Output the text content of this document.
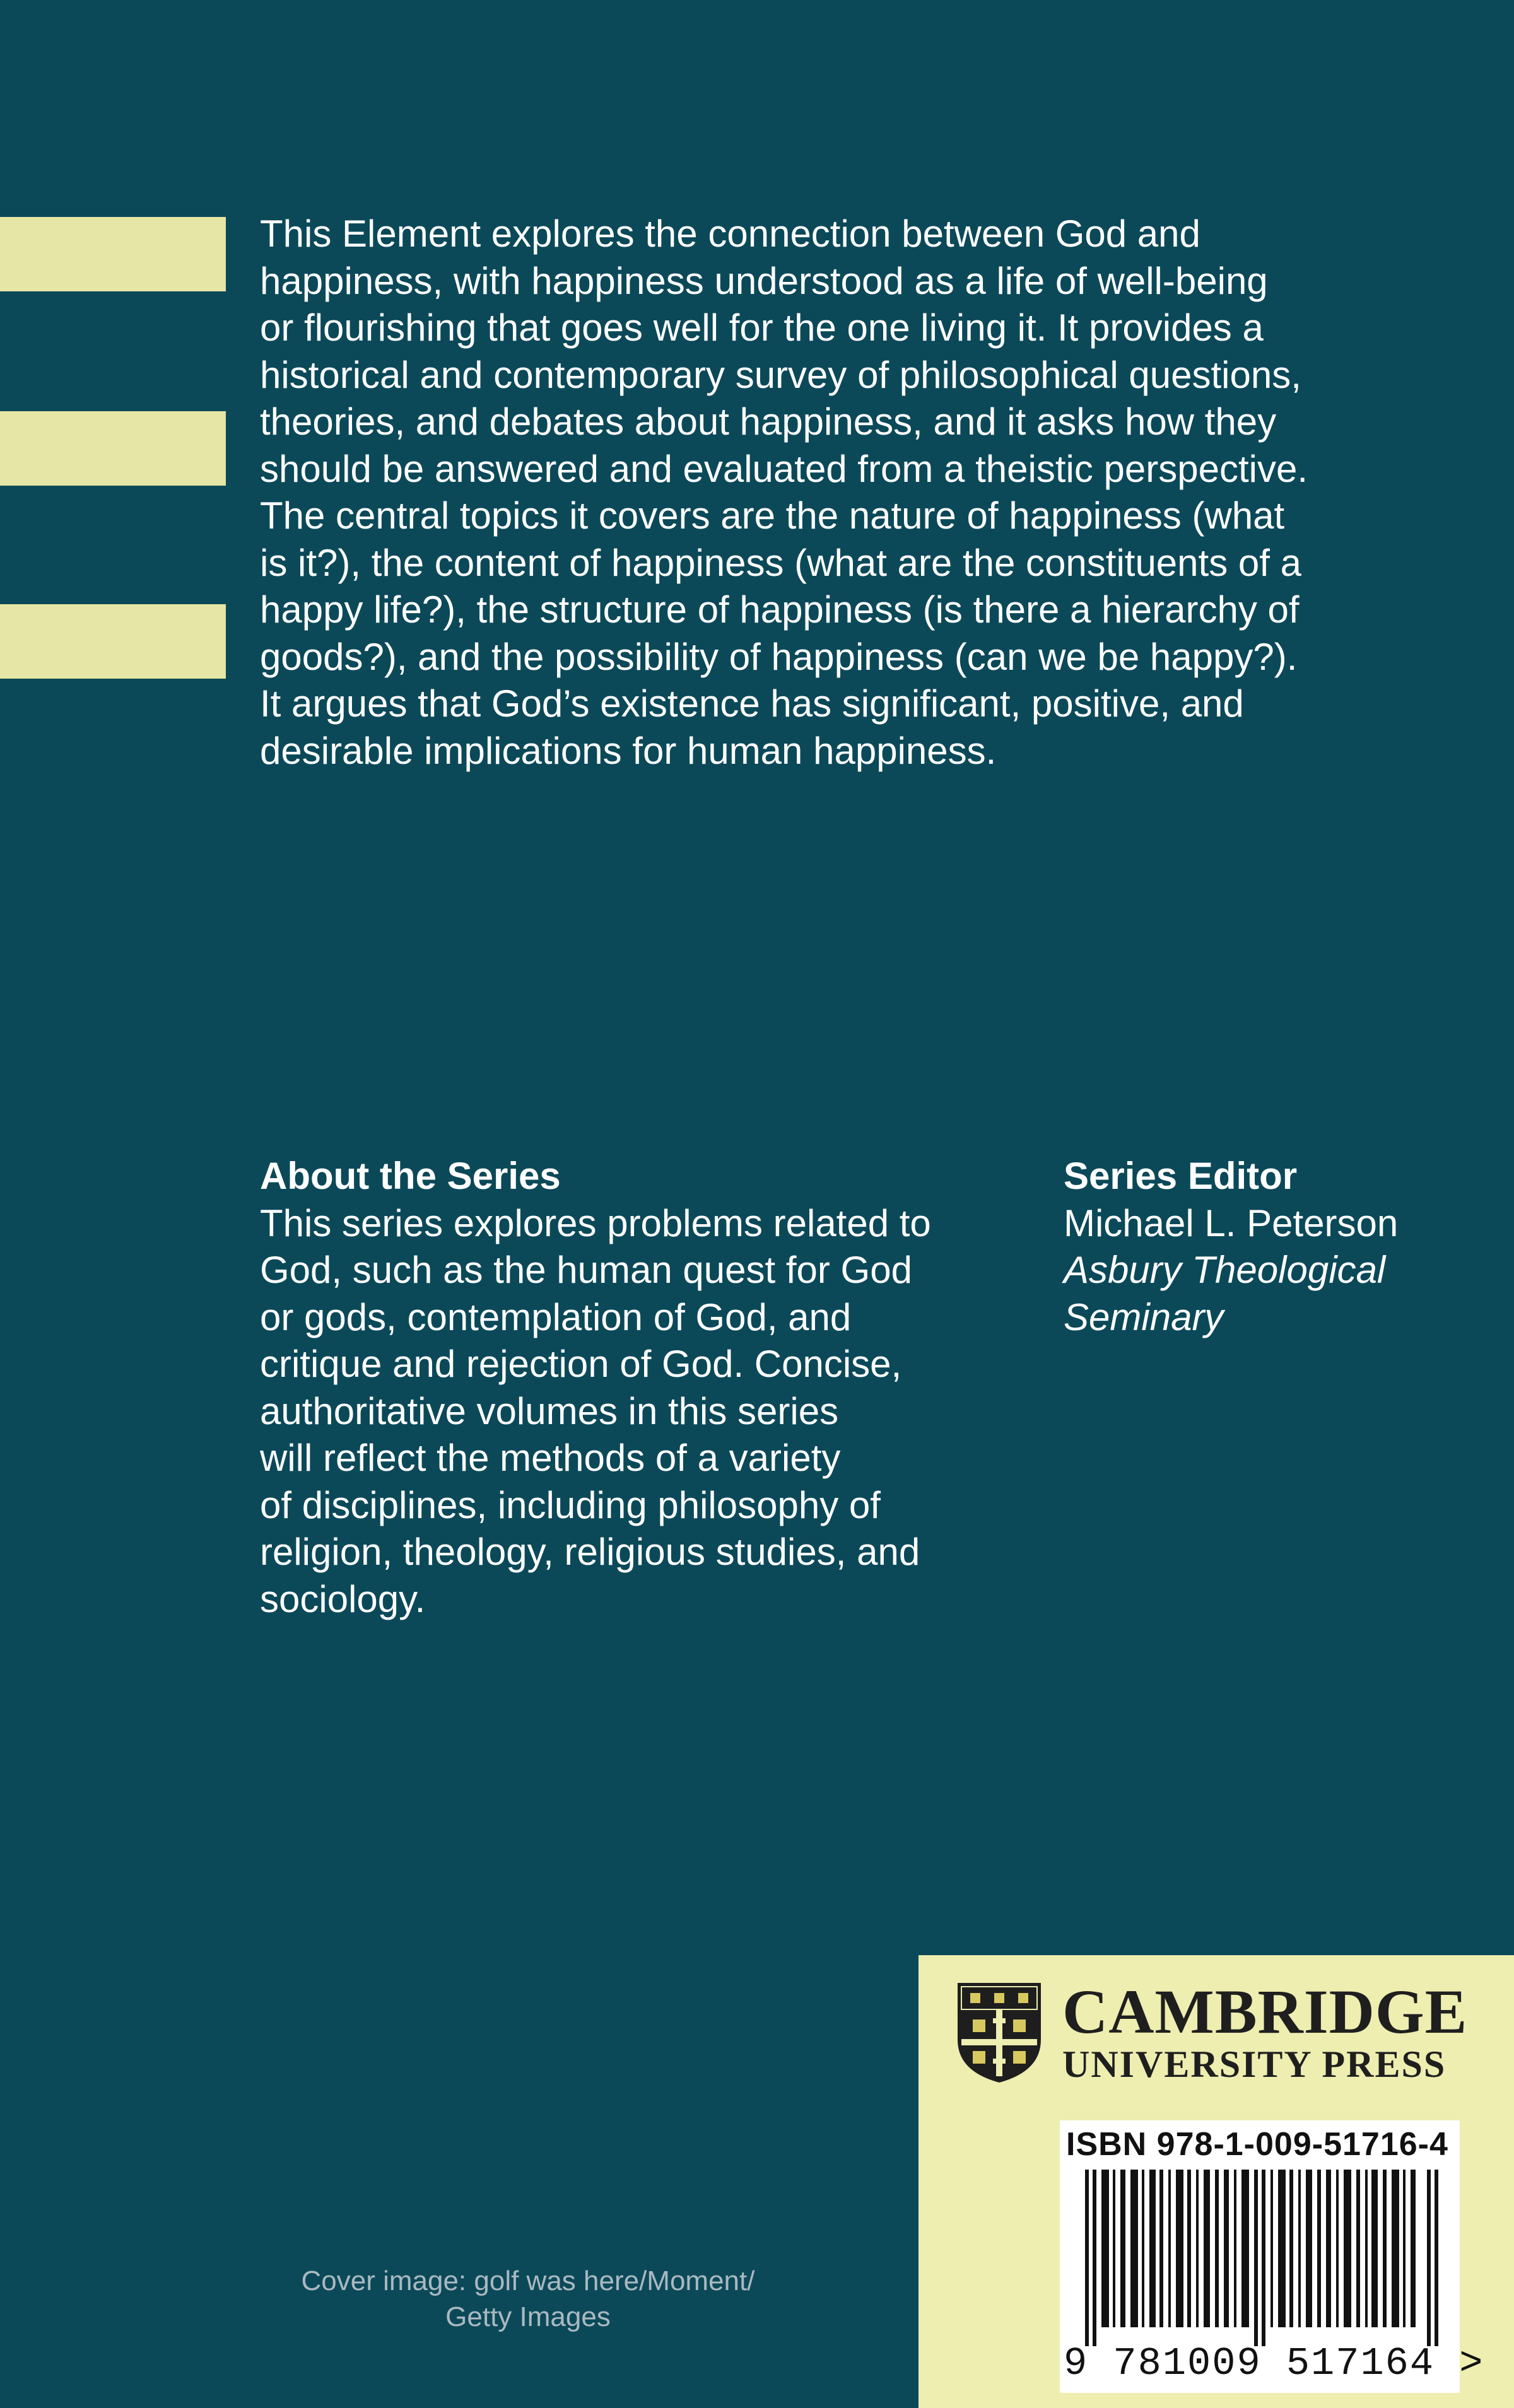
This Element explores the connection between God and
happiness, with happiness understood as a life of well-being
or flourishing that goes well for the one living it. It provides a
historical and contemporary survey of philosophical questions,
theories, and debates about happiness, and it asks how they
should be answered and evaluated from a theistic perspective.
The central topics it covers are the nature of happiness (what
is it?), the content of happiness (what are the constituents of a
happy life?), the structure of happiness (is there a hierarchy of
goods?), and the possibility of happiness (can we be happy?).
It argues that God’s existence has significant, positive, and
desirable implications for human happiness.

About the Series
This series explores problems related to
God, such as the human quest for God
or gods, contemplation of God, and
critique and rejection of God. Concise,
authoritative volumes in this series
will reflect the methods of a variety
of disciplines, including philosophy of
religion, theology, religious studies, and
sociology.
Series Editor
Michael L. Peterson
Asbury Theological
Seminary
Cover image: golf was here/Moment/
Getty Images
CAMBRIDGE
UNIVERSITY PRESS
ISBN 978-1-009-51716-4
9 781009 517164 >
